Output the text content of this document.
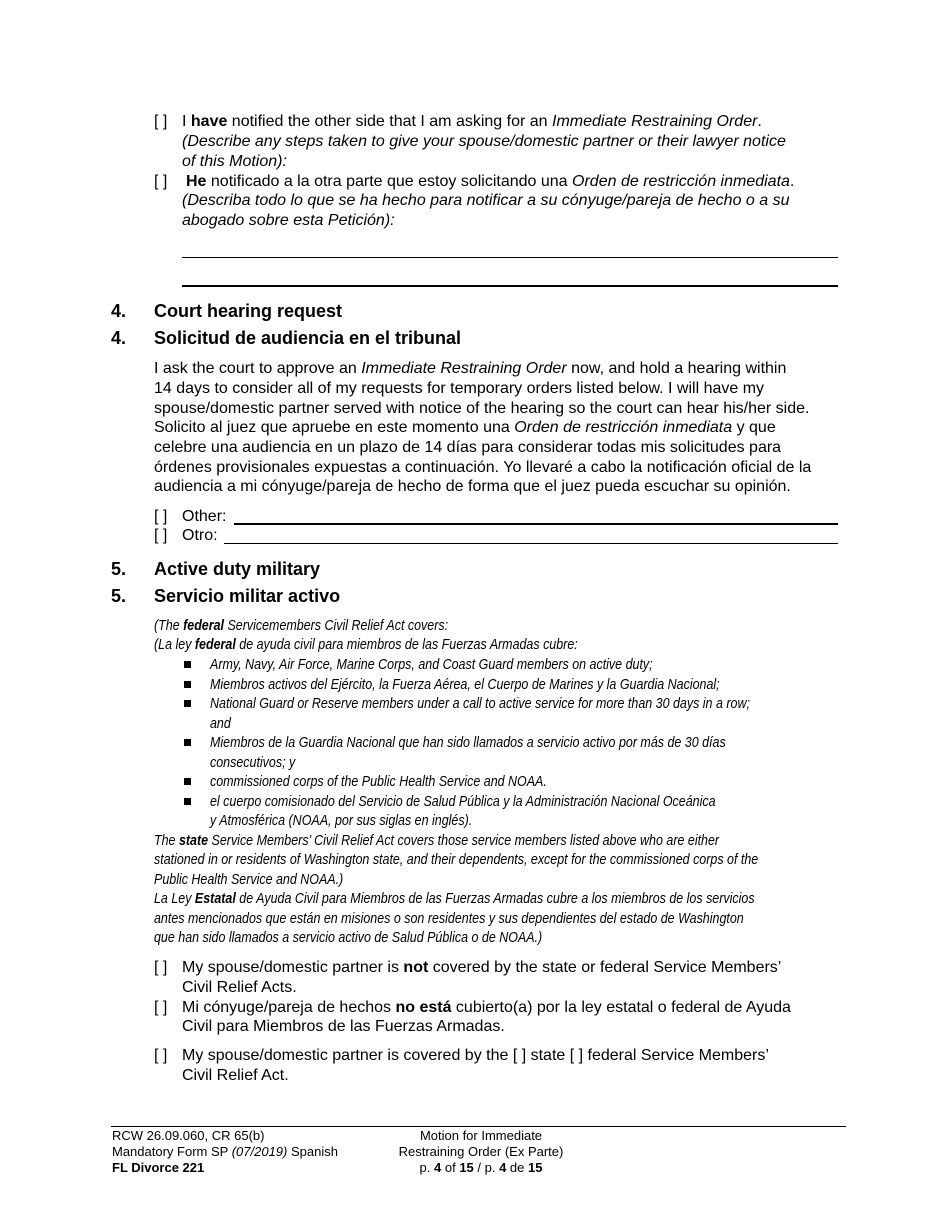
[ ] I have notified the other side that I am asking for an Immediate Restraining Order.
(Describe any steps taken to give your spouse/domestic partner or their lawyer notice
of this Motion):
[ ] He notificado a la otra parte que estoy solicitando una Orden de restricción inmediata.
(Describa todo lo que se ha hecho para notificar a su cónyuge/pareja de hecho o a su
abogado sobre esta Petición):
4. Court hearing request
4. Solicitud de audiencia en el tribunal
I ask the court to approve an Immediate Restraining Order now, and hold a hearing within
14 days to consider all of my requests for temporary orders listed below. I will have my
spouse/domestic partner served with notice of the hearing so the court can hear his/her side.
Solicito al juez que apruebe en este momento una Orden de restricción inmediata y que
celebre una audiencia en un plazo de 14 días para considerar todas mis solicitudes para
órdenes provisionales expuestas a continuación. Yo llevaré a cabo la notificación oficial de la
audiencia a mi cónyuge/pareja de hecho de forma que el juez pueda escuchar su opinión.
[ ] Other:
[ ] Otro:
5. Active duty military
5. Servicio militar activo
(The federal Servicemembers Civil Relief Act covers:
(La ley federal de ayuda civil para miembros de las Fuerzas Armadas cubre:
Army, Navy, Air Force, Marine Corps, and Coast Guard members on active duty;
Miembros activos del Ejército, la Fuerza Aérea, el Cuerpo de Marines y la Guardia Nacional;
National Guard or Reserve members under a call to active service for more than 30 days in a row;
and
Miembros de la Guardia Nacional que han sido llamados a servicio activo por más de 30 días
consecutivos; y
commissioned corps of the Public Health Service and NOAA.
el cuerpo comisionado del Servicio de Salud Pública y la Administración Nacional Oceánica
y Atmosférica (NOAA, por sus siglas en inglés).
The state Service Members’ Civil Relief Act covers those service members listed above who are either
stationed in or residents of Washington state, and their dependents, except for the commissioned corps of the
Public Health Service and NOAA.)
La Ley Estatal de Ayuda Civil para Miembros de las Fuerzas Armadas cubre a los miembros de los servicios
antes mencionados que están en misiones o son residentes y sus dependientes del estado de Washington
que han sido llamados a servicio activo de Salud Pública o de NOAA.)
[ ] My spouse/domestic partner is not covered by the state or federal Service Members’
Civil Relief Acts.
[ ] Mi cónyuge/pareja de hechos no está cubierto(a) por la ley estatal o federal de Ayuda
Civil para Miembros de las Fuerzas Armadas.
[ ] My spouse/domestic partner is covered by the [ ] state [ ] federal Service Members’
Civil Relief Act.
RCW 26.09.060, CR 65(b)
Mandatory Form SP (07/2019) Spanish
FL Divorce 221
Motion for Immediate
Restraining Order (Ex Parte)
p. 4 of 15 / p. 4 de 15
